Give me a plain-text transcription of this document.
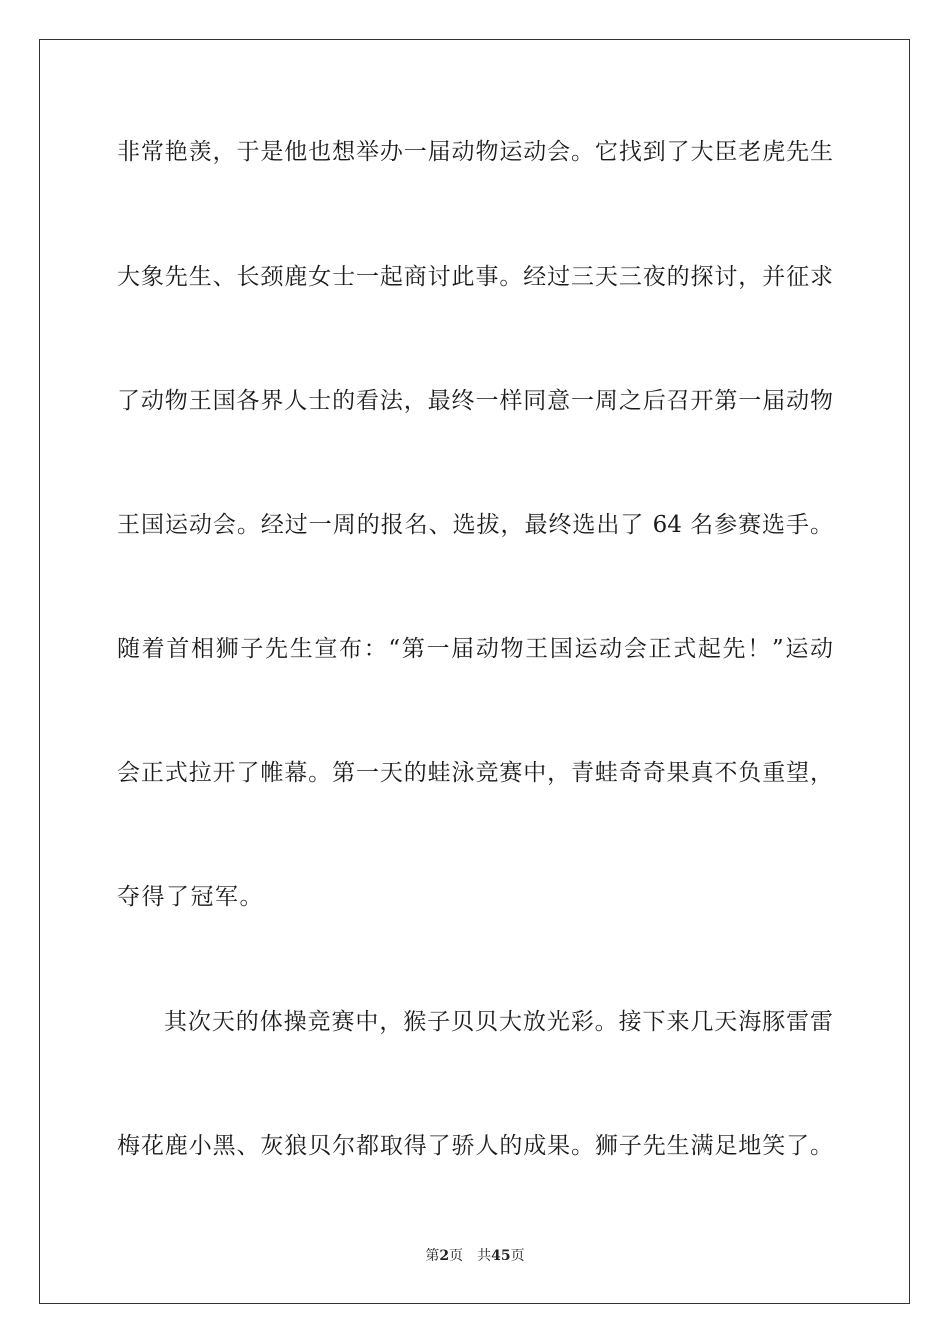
非常艳羡，于是他也想举办一届动物运动会。它找到了大臣老虎先生
大象先生、长颈鹿女士一起商讨此事。经过三天三夜的探讨，并征求
了动物王国各界人士的看法，最终一样同意一周之后召开第一届动物
王国运动会。经过一周的报名、选拔，最终选出了 64 名参赛选手。
随着首相狮子先生宣布：“第一届动物王国运动会正式起先！”运动
会正式拉开了帷幕。第一天的蛙泳竞赛中，青蛙奇奇果真不负重望，
夺得了冠军。
其次天的体操竞赛中，猴子贝贝大放光彩。接下来几天海豚雷雷
梅花鹿小黑、灰狼贝尔都取得了骄人的成果。狮子先生满足地笑了。
第2页 共45页
